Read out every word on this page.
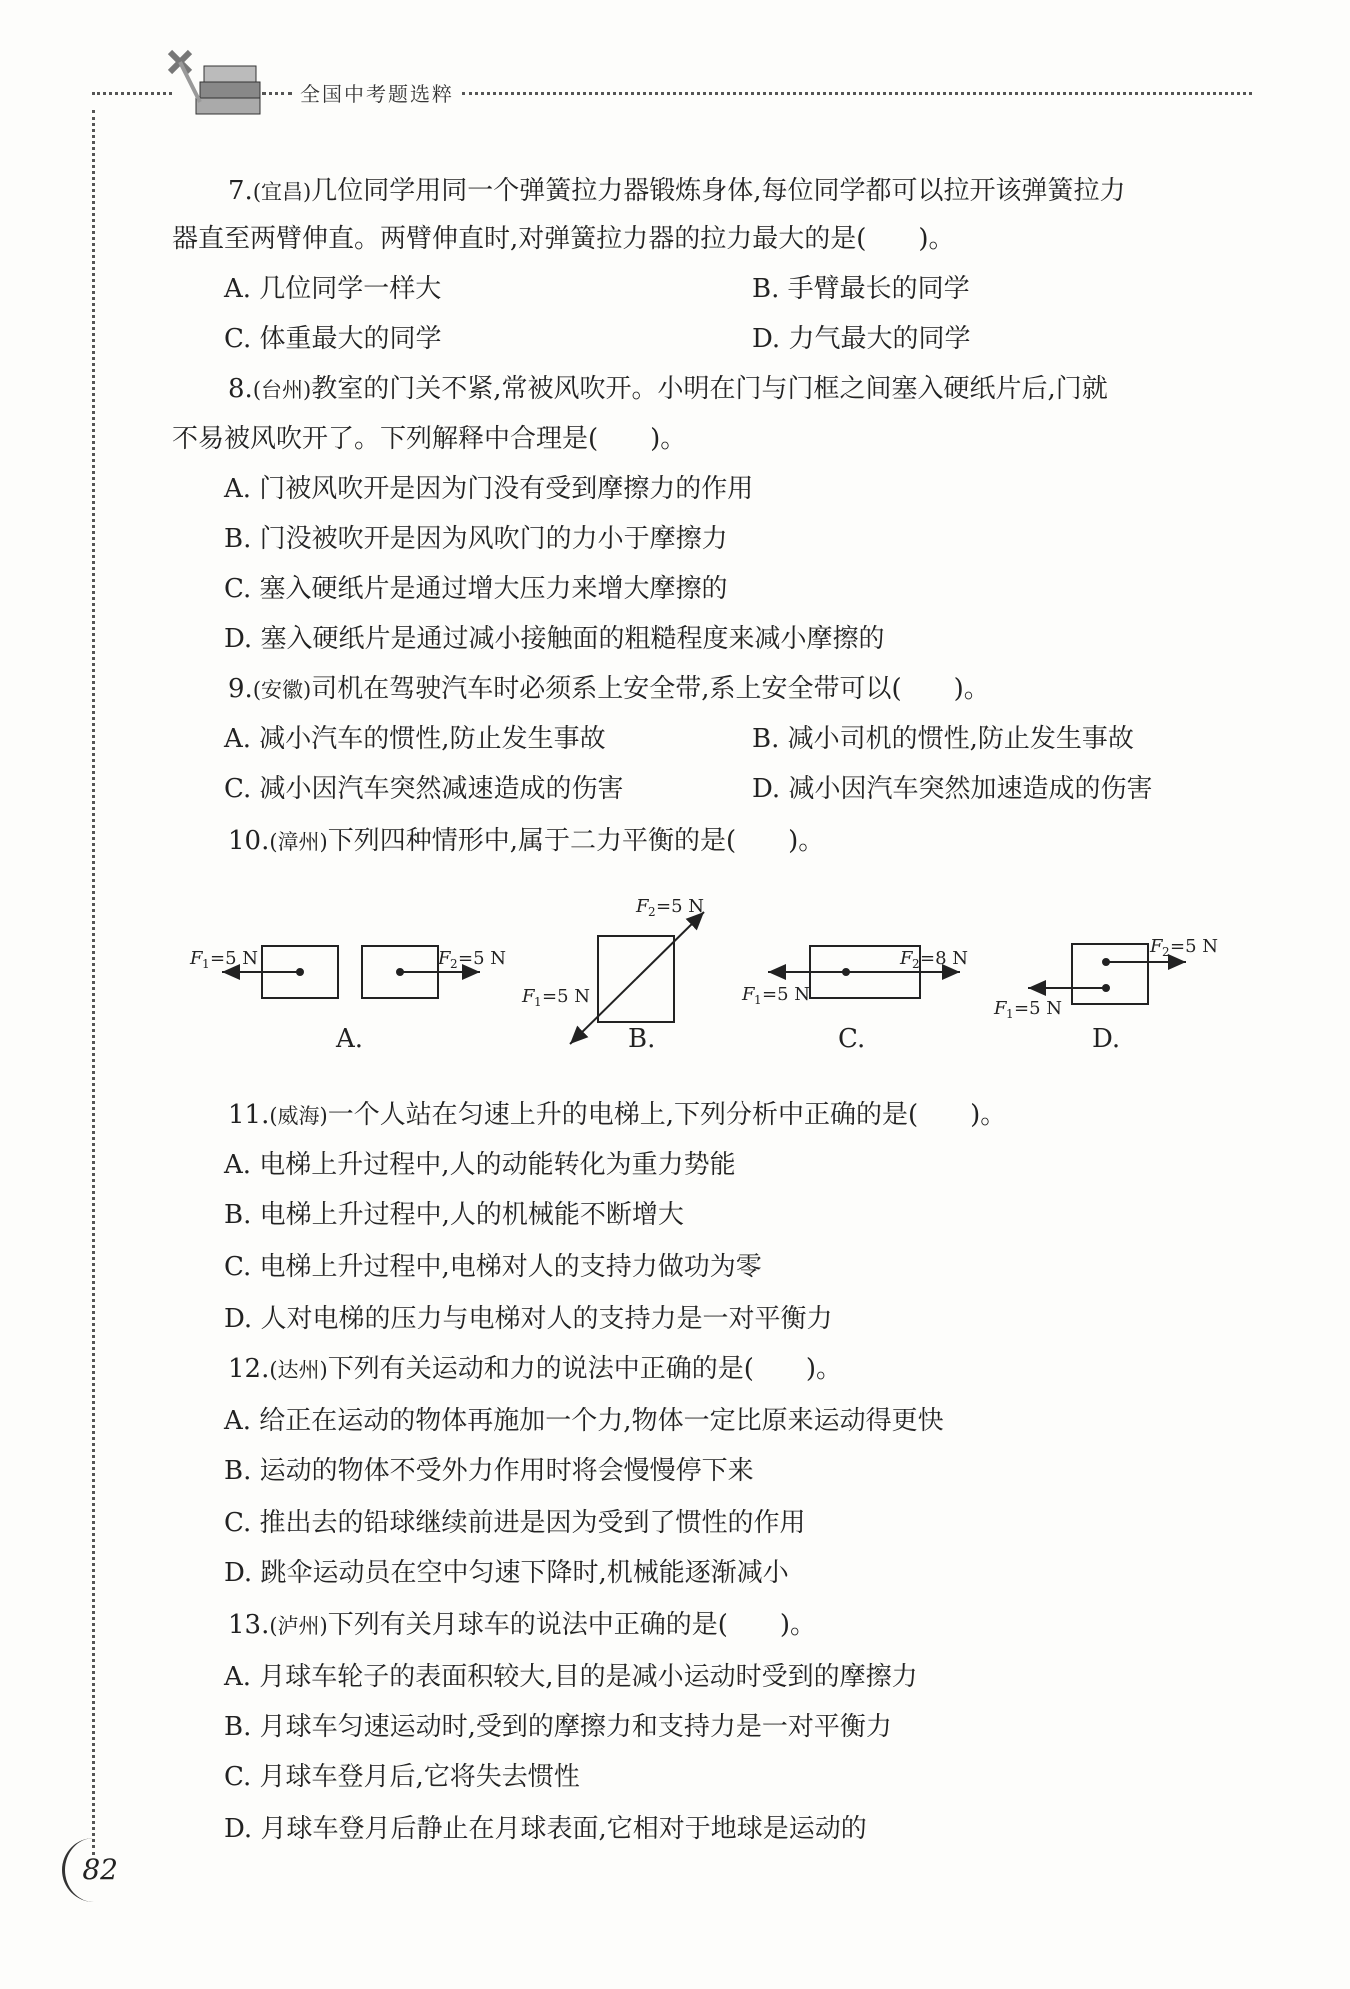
全国中考题选粹
7.(宜昌)几位同学用同一个弹簧拉力器锻炼身体,每位同学都可以拉开该弹簧拉力
器直至两臂伸直。两臂伸直时,对弹簧拉力器的拉力最大的是(　　)。
A. 几位同学一样大	B. 手臂最长的同学
C. 体重最大的同学	D. 力气最大的同学
8.(台州)教室的门关不紧,常被风吹开。小明在门与门框之间塞入硬纸片后,门就
不易被风吹开了。下列解释中合理是(　　)。
A. 门被风吹开是因为门没有受到摩擦力的作用
B. 门没被吹开是因为风吹门的力小于摩擦力
C. 塞入硬纸片是通过增大压力来增大摩擦的
D. 塞入硬纸片是通过减小接触面的粗糙程度来减小摩擦的
9.(安徽)司机在驾驶汽车时必须系上安全带,系上安全带可以(　　)。
A. 减小汽车的惯性,防止发生事故	B. 减小司机的惯性,防止发生事故
C. 减小因汽车突然减速造成的伤害	D. 减小因汽车突然加速造成的伤害
10.(漳州)下列四种情形中,属于二力平衡的是(　　)。
F 1 =5 N	F 2 =5 N
F 2 =5 N
F 1 =5 N	F 1 =5 N
F 2 =8 N
F 2 =5 N
F 1 =5 N
A.	B.	C.	D.
11.(威海)一个人站在匀速上升的电梯上,下列分析中正确的是(　　)。
A. 电梯上升过程中,人的动能转化为重力势能
B. 电梯上升过程中,人的机械能不断增大
C. 电梯上升过程中,电梯对人的支持力做功为零
D. 人对电梯的压力与电梯对人的支持力是一对平衡力
12.(达州)下列有关运动和力的说法中正确的是(　　)。
A. 给正在运动的物体再施加一个力,物体一定比原来运动得更快
B. 运动的物体不受外力作用时将会慢慢停下来
C. 推出去的铅球继续前进是因为受到了惯性的作用
D. 跳伞运动员在空中匀速下降时,机械能逐渐减小
13.(泸州)下列有关月球车的说法中正确的是(　　)。
A. 月球车轮子的表面积较大,目的是减小运动时受到的摩擦力
B. 月球车匀速运动时,受到的摩擦力和支持力是一对平衡力
C. 月球车登月后,它将失去惯性
D. 月球车登月后静止在月球表面,它相对于地球是运动的
82
